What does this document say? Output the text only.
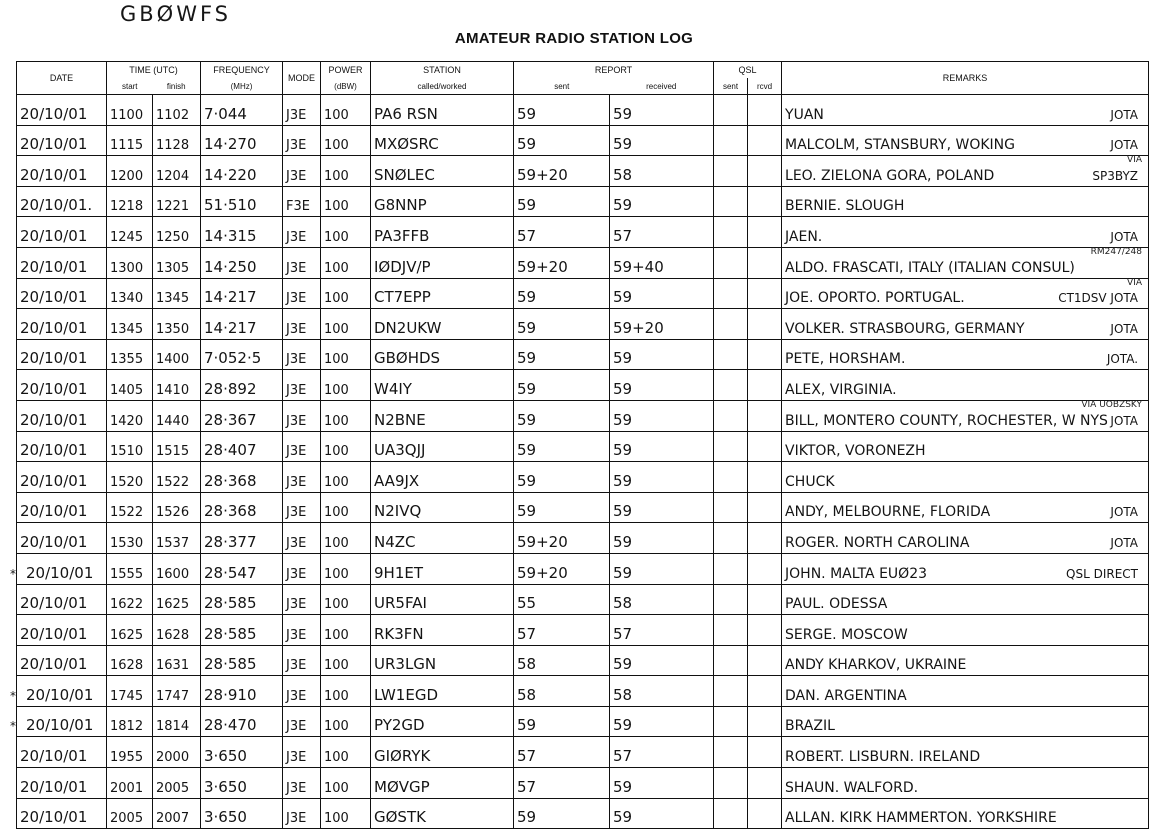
GBØWFS
AMATEUR RADIO STATION LOG
DATE	TIME (UTC)		FREQUENCY	MODE	POWER	STATION	REPORT		QSL		REMARKS
	start	finish	(MHz)		(dBW)	called/worked	sent	received	sent	rcvd	
20/10/01	1100	1102	7·044	J3E	100	PA6 RSN	59	59			YUAN JOTA

20/10/01	1115	1128	14·270	J3E	100	MXØSRC	59	59			MALCOLM, STANSBURY, WOKING JOTA

20/10/01	1200	1204	14·220	J3E	100	SNØLEC	59+20	58			LEO. ZIELONA GORA, POLAND SP3BYZ
VIA

20/10/01.	1218	1221	51·510	F3E	100	G8NNP	59	59			BERNIE. SLOUGH
20/10/01	1245	1250	14·315	J3E	100	PA3FFB	57	57			JAEN. JOTA

20/10/01	1300	1305	14·250	J3E	100	IØDJV/P	59+20	59+40			ALDO. FRASCATI, ITALY (ITALIAN CONSUL)
RM247/248

20/10/01	1340	1345	14·217	J3E	100	CT7EPP	59	59			JOE. OPORTO. PORTUGAL. CT1DSV JOTA
VIA

20/10/01	1345	1350	14·217	J3E	100	DN2UKW	59	59+20			VOLKER. STRASBOURG, GERMANY JOTA

20/10/01	1355	1400	7·052·5	J3E	100	GBØHDS	59	59			PETE, HORSHAM. JOTA.

20/10/01	1405	1410	28·892	J3E	100	W4IY	59	59			ALEX, VIRGINIA.
20/10/01	1420	1440	28·367	J3E	100	N2BNE	59	59			BILL, MONTERO COUNTY, ROCHESTER, W NYS JOTA
VIA UOBZSKY

20/10/01	1510	1515	28·407	J3E	100	UA3QJJ	59	59			VIKTOR, VORONEZH
20/10/01	1520	1522	28·368	J3E	100	AA9JX	59	59			CHUCK
20/10/01	1522	1526	28·368	J3E	100	N2IVQ	59	59			ANDY, MELBOURNE, FLORIDA JOTA

20/10/01	1530	1537	28·377	J3E	100	N4ZC	59+20	59			ROGER. NORTH CAROLINA JOTA

* 20/10/01	1555	1600	28·547	J3E	100	9H1ET	59+20	59			JOHN. MALTA EUØ23 QSL DIRECT

20/10/01	1622	1625	28·585	J3E	100	UR5FAI	55	58			PAUL. ODESSA
20/10/01	1625	1628	28·585	J3E	100	RK3FN	57	57			SERGE. MOSCOW
20/10/01	1628	1631	28·585	J3E	100	UR3LGN	58	59			ANDY KHARKOV, UKRAINE
* 20/10/01	1745	1747	28·910	J3E	100	LW1EGD	58	58			DAN. ARGENTINA
* 20/10/01	1812	1814	28·470	J3E	100	PY2GD	59	59			BRAZIL
20/10/01	1955	2000	3·650	J3E	100	GIØRYK	57	57			ROBERT. LISBURN. IRELAND
20/10/01	2001	2005	3·650	J3E	100	MØVGP	57	59			SHAUN. WALFORD.
20/10/01	2005	2007	3·650	J3E	100	GØSTK	59	59			ALLAN. KIRK HAMMERTON. YORKSHIRE
